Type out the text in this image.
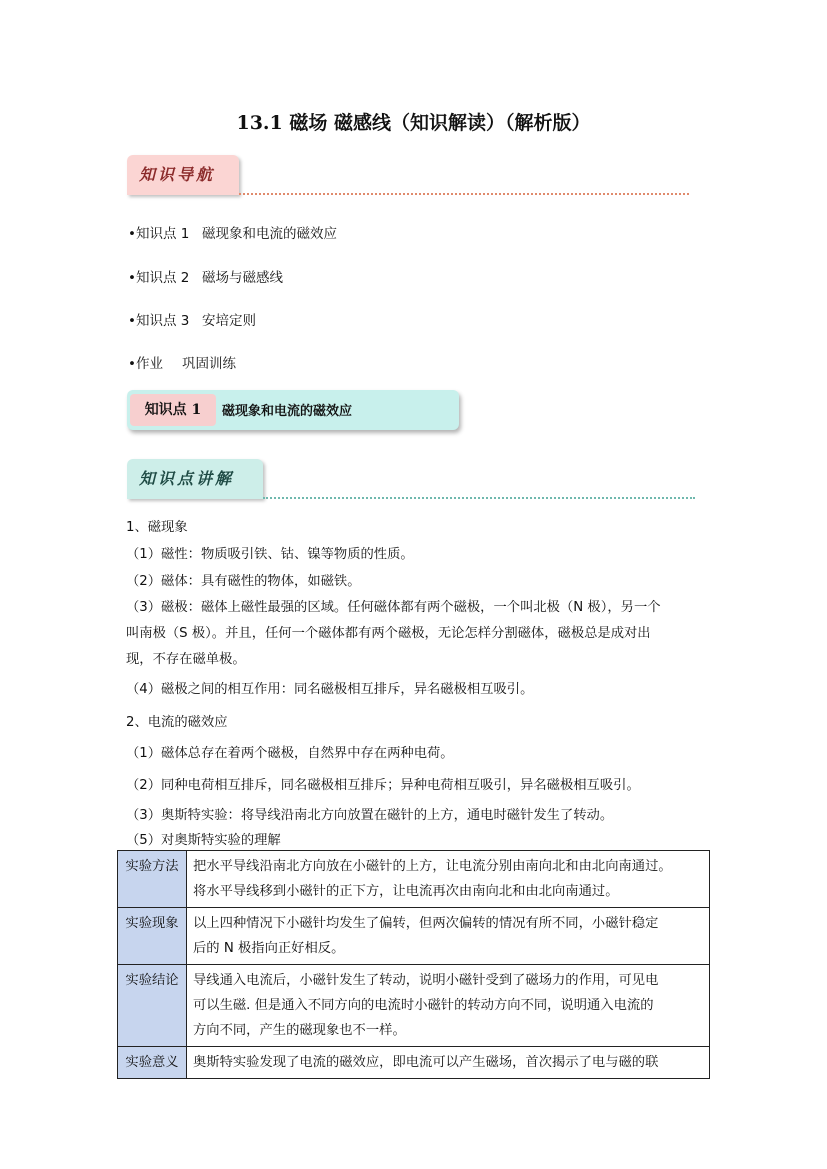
13.1 磁场 磁感线（知识解读）（解析版）
知识导航
•知识点 1 磁现象和电流的磁效应
•知识点 2 磁场与磁感线
•知识点 3 安培定则
•作业 巩固训练
知识点 1	磁现象和电流的磁效应
知识点讲解
1、磁现象
（1）磁性：物质吸引铁、钴、镍等物质的性质。
（2）磁体：具有磁性的物体，如磁铁。
（3）磁极：磁体上磁性最强的区域。任何磁体都有两个磁极，一个叫北极（N 极），另一个
叫南极（S 极）。并且，任何一个磁体都有两个磁极，无论怎样分割磁体，磁极总是成对出
现，不存在磁单极。
（4）磁极之间的相互作用：同名磁极相互排斥，异名磁极相互吸引。
2、电流的磁效应
（1）磁体总存在着两个磁极，自然界中存在两种电荷。
（2）同种电荷相互排斥，同名磁极相互排斥；异种电荷相互吸引，异名磁极相互吸引。
（3）奥斯特实验：将导线沿南北方向放置在磁针的上方，通电时磁针发生了转动。
（5）对奥斯特实验的理解
实验方法	把水平导线沿南北方向放在小磁针的上方，让电流分别由南向北和由北向南通过。
将水平导线移到小磁针的正下方，让电流再次由南向北和由北向南通过。

实验现象	以上四种情况下小磁针均发生了偏转，但两次偏转的情况有所不同，小磁针稳定
后的 N 极指向正好相反。

实验结论	导线通入电流后，小磁针发生了转动，说明小磁针受到了磁场力的作用，可见电
可以生磁. 但是通入不同方向的电流时小磁针的转动方向不同，说明通入电流的
方向不同，产生的磁现象也不一样。

实验意义	奥斯特实验发现了电流的磁效应，即电流可以产生磁场，首次揭示了电与磁的联
